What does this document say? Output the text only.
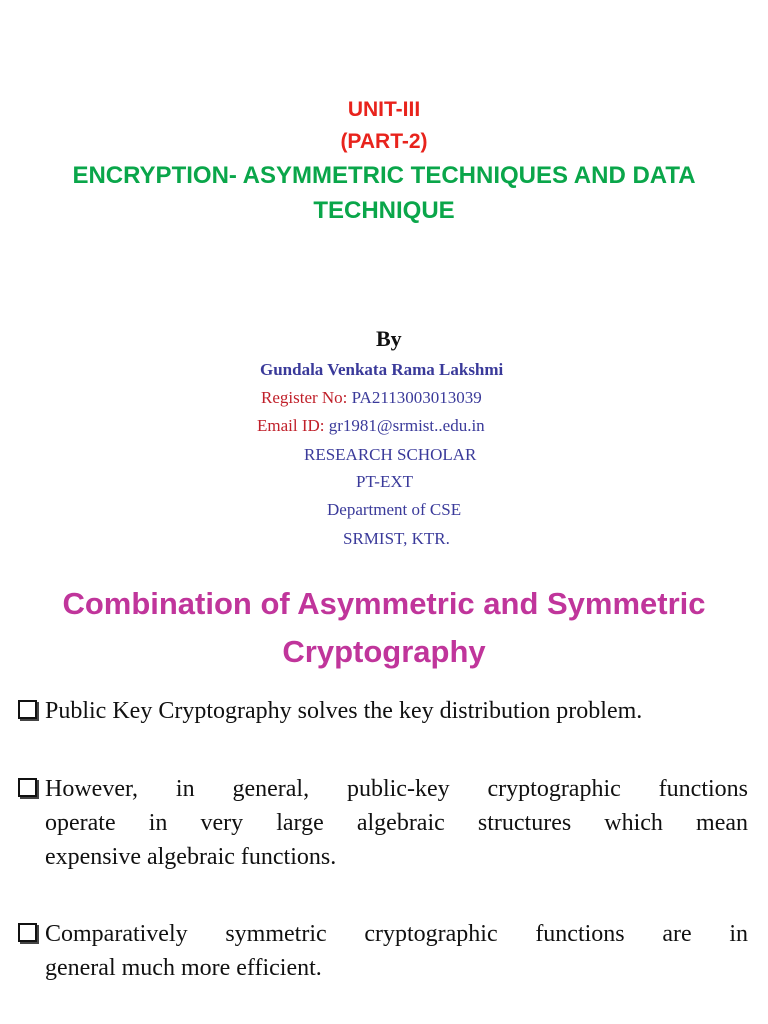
UNIT-III
(PART-2)
ENCRYPTION- ASYMMETRIC TECHNIQUES AND DATA
TECHNIQUE
By
Gundala Venkata Rama Lakshmi
Register No: PA2113003013039
Email ID: gr1981@srmist..edu.in
RESEARCH SCHOLAR
PT-EXT
Department of CSE
SRMIST, KTR.
Combination of Asymmetric and Symmetric
Cryptography
Public Key Cryptography solves the key distribution problem.
However, in general, public-key cryptographic functions
operate in very large algebraic structures which mean
expensive algebraic functions.
Comparatively symmetric cryptographic functions are in
general much more efficient.
